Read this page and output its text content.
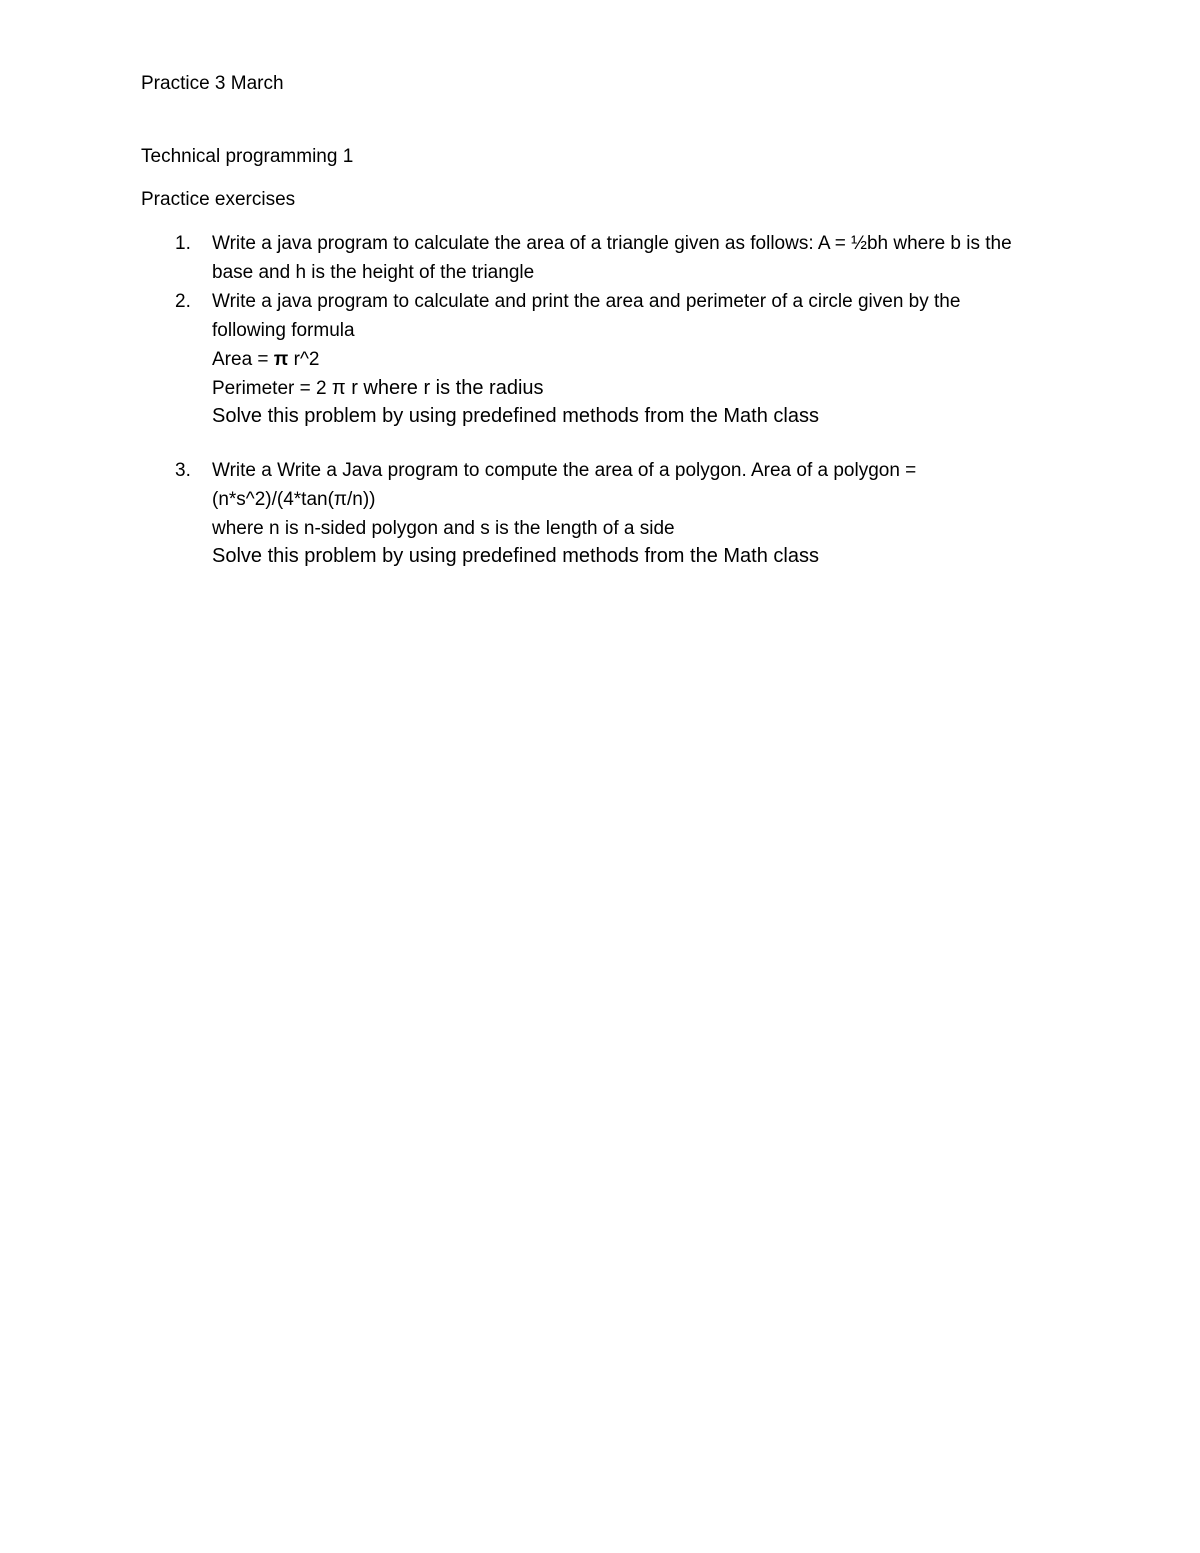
Practice 3 March
Technical programming 1
Practice exercises
1. Write a java program to calculate the area of a triangle given as follows: A = ½bh where b is the
base and h is the height of the triangle
2. Write a java program to calculate and print the area and perimeter of a circle given by the
following formula
Area = π r^2
Perimeter = 2 π r where r is the radius
Solve this problem by using predefined methods from the Math class
3. Write a Write a Java program to compute the area of a polygon. Area of a polygon =
(n*s^2)/(4*tan(π/n))
where n is n-sided polygon and s is the length of a side
Solve this problem by using predefined methods from the Math class
